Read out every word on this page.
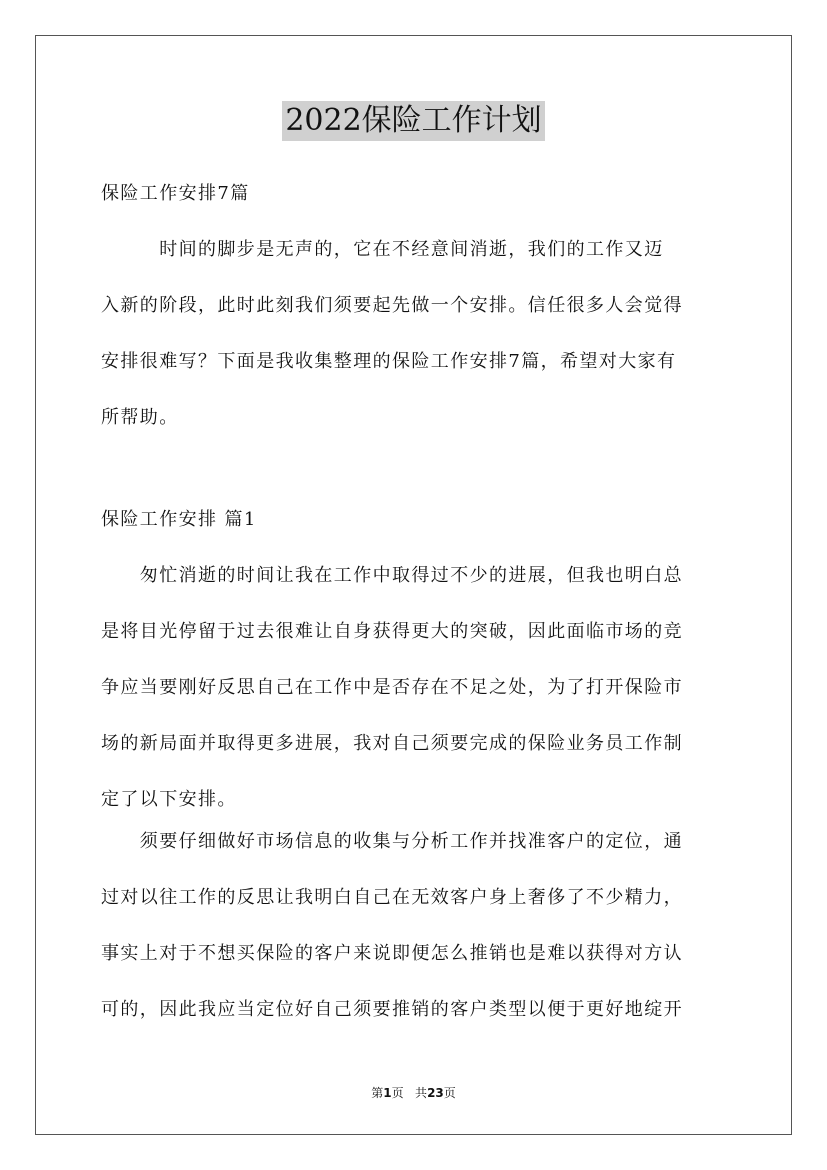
2022保险工作计划
保险工作安排7篇
　　　时间的脚步是无声的，它在不经意间消逝，我们的工作又迈
入新的阶段，此时此刻我们须要起先做一个安排。信任很多人会觉得
安排很难写？下面是我收集整理的保险工作安排7篇，希望对大家有
所帮助。
保险工作安排 篇1
　　匆忙消逝的时间让我在工作中取得过不少的进展，但我也明白总
是将目光停留于过去很难让自身获得更大的突破，因此面临市场的竞
争应当要刚好反思自己在工作中是否存在不足之处，为了打开保险市
场的新局面并取得更多进展，我对自己须要完成的保险业务员工作制
定了以下安排。
　　须要仔细做好市场信息的收集与分析工作并找准客户的定位，通
过对以往工作的反思让我明白自己在无效客户身上奢侈了不少精力，
事实上对于不想买保险的客户来说即便怎么推销也是难以获得对方认
可的，因此我应当定位好自己须要推销的客户类型以便于更好地绽开
第1页 共23页
